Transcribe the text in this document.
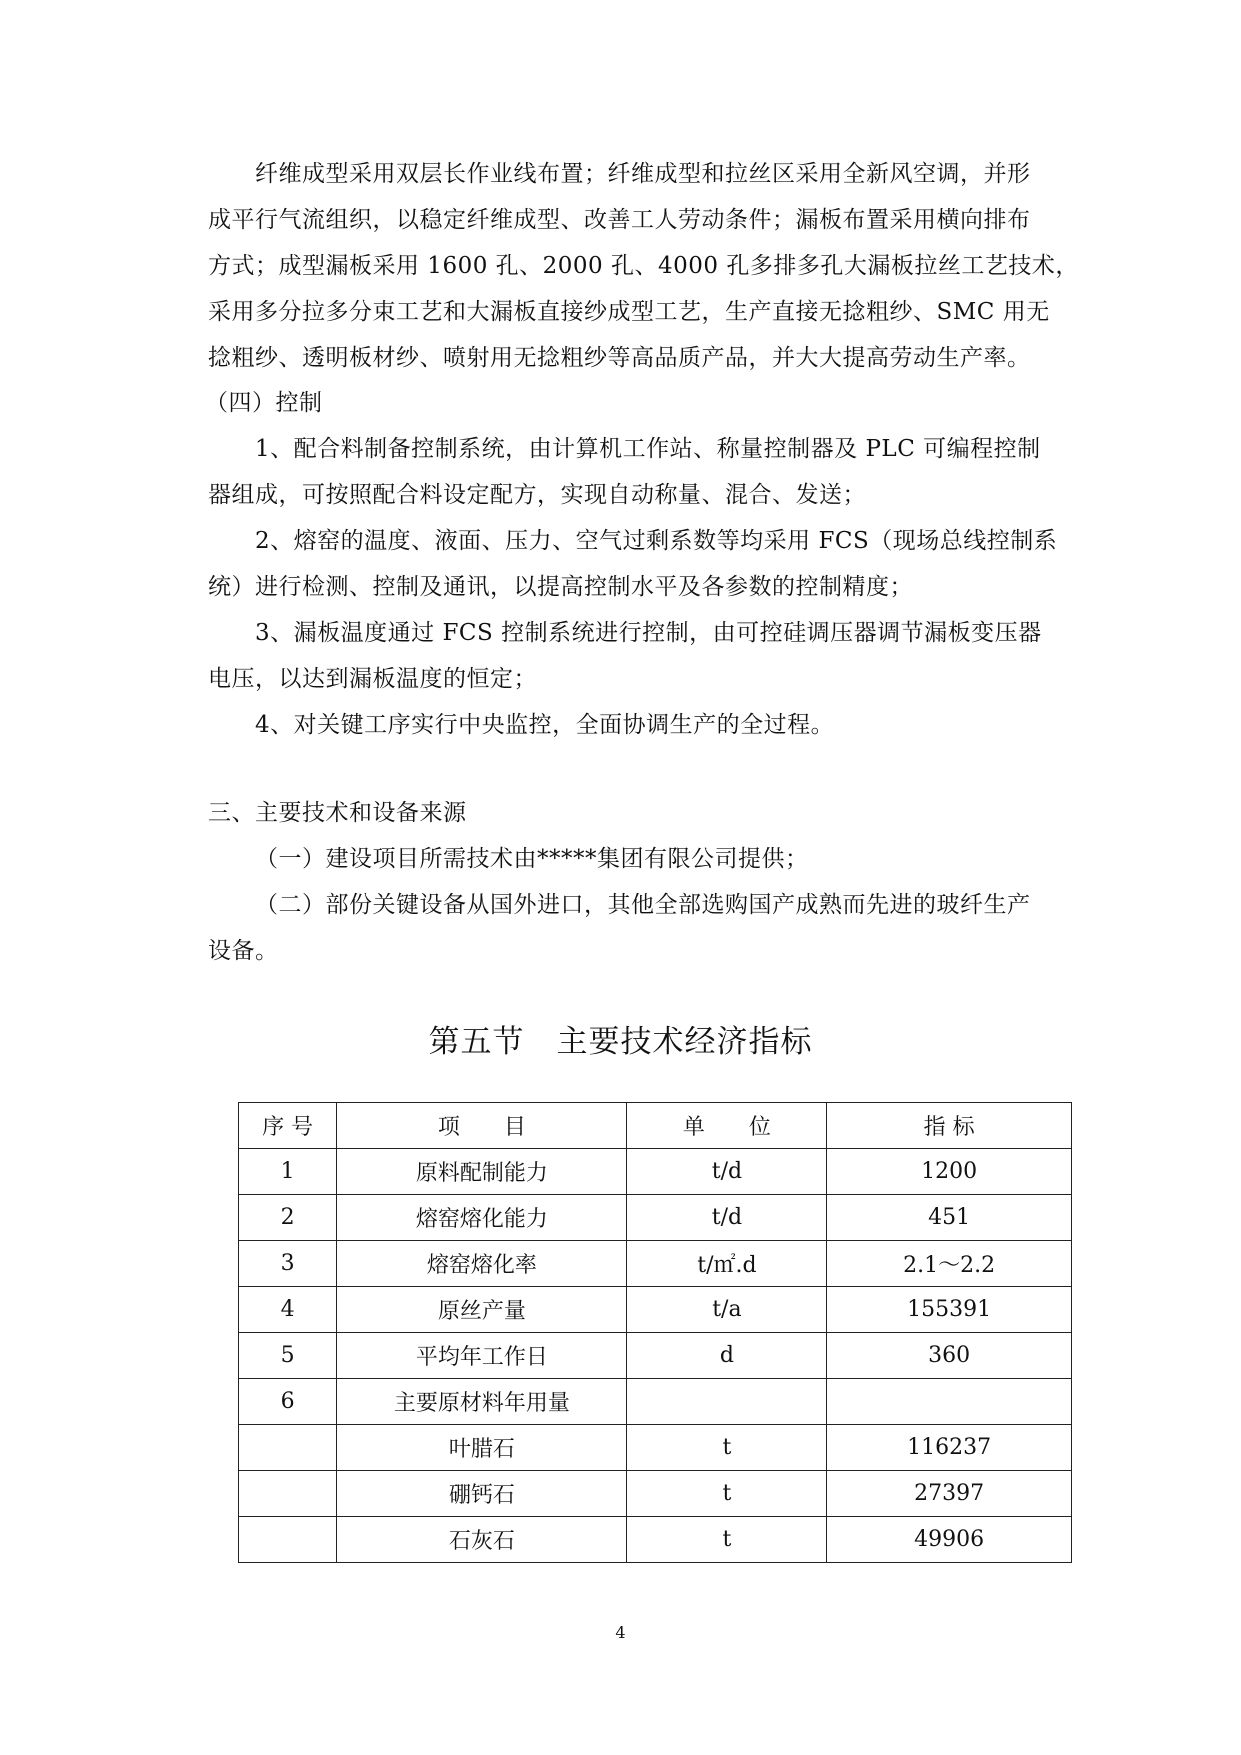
纤维成型采用双层长作业线布置；纤维成型和拉丝区采用全新风空调，并形
成平行气流组织，以稳定纤维成型、改善工人劳动条件；漏板布置采用横向排布
方式；成型漏板采用 1600 孔、2000 孔、4000 孔多排多孔大漏板拉丝工艺技术，
采用多分拉多分束工艺和大漏板直接纱成型工艺，生产直接无捻粗纱、SMC 用无
捻粗纱、透明板材纱、喷射用无捻粗纱等高品质产品，并大大提高劳动生产率。
（四）控制
1、配合料制备控制系统，由计算机工作站、称量控制器及 PLC 可编程控制
器组成，可按照配合料设定配方，实现自动称量、混合、发送；
2、熔窑的温度、液面、压力、空气过剩系数等均采用 FCS（现场总线控制系
统）进行检测、控制及通讯，以提高控制水平及各参数的控制精度；
3、漏板温度通过 FCS 控制系统进行控制，由可控硅调压器调节漏板变压器
电压，以达到漏板温度的恒定；
4、对关键工序实行中央监控，全面协调生产的全过程。
三、主要技术和设备来源
（一）建设项目所需技术由*****集团有限公司提供；
（二）部份关键设备从国外进口，其他全部选购国产成熟而先进的玻纤生产
设备。
第五节　主要技术经济指标
序 号	项　　目	单　　位	指 标
1	原料配制能力	t/d	1200
2	熔窑熔化能力	t/d	451
3	熔窑熔化率	t/㎡.d	2.1～2.2
4	原丝产量	t/a	155391
5	平均年工作日	d	360
6	主要原材料年用量		
	叶腊石	t	116237
	硼钙石	t	27397
	石灰石	t	49906
4
